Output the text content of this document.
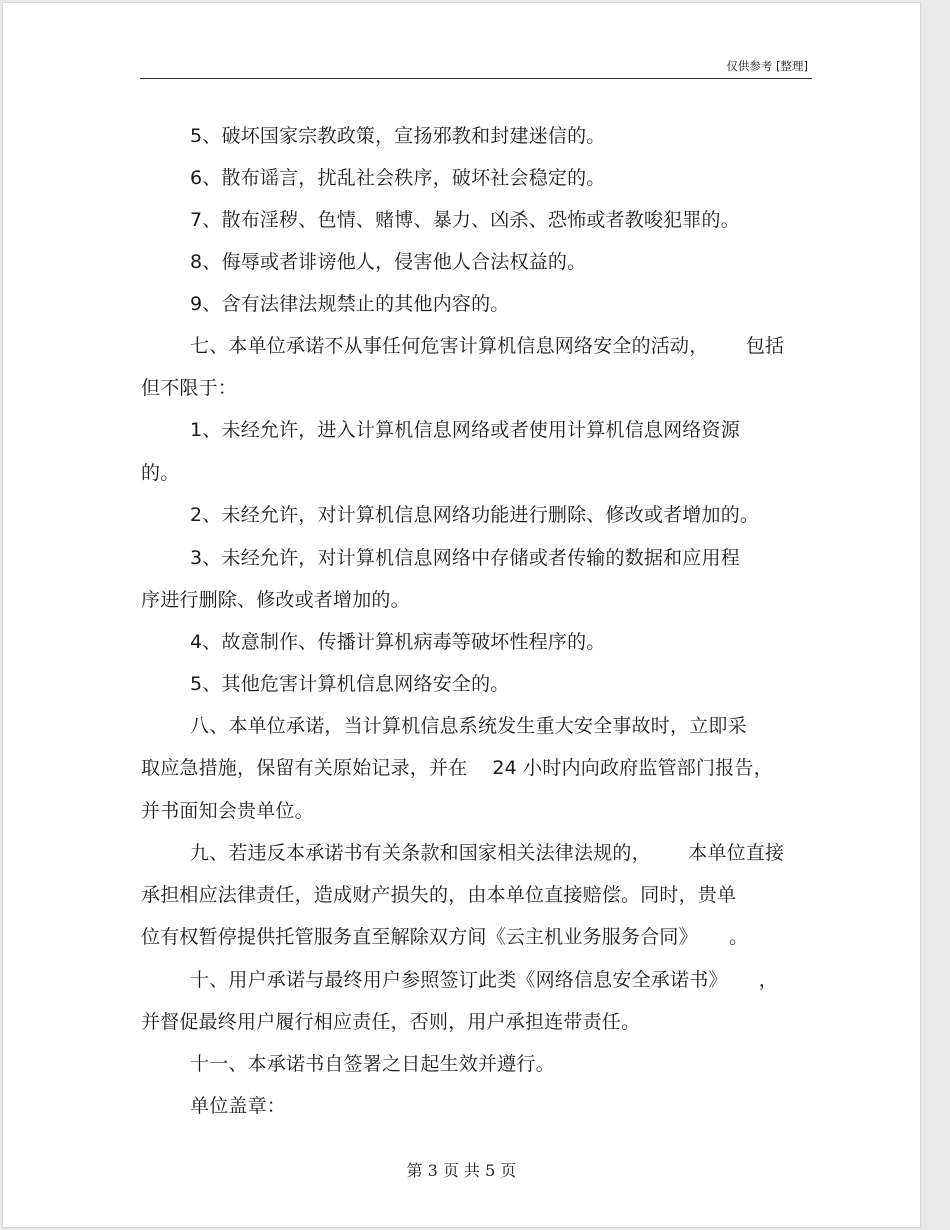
仅供参考 [整理]
5、破坏国家宗教政策，宣扬邪教和封建迷信的。
6、散布谣言，扰乱社会秩序，破坏社会稳定的。
7、散布淫秽、色情、赌博、暴力、凶杀、恐怖或者教唆犯罪的。
8、侮辱或者诽谤他人，侵害他人合法权益的。
9、含有法律法规禁止的其他内容的。
七、本单位承诺不从事任何危害计算机信息网络安全的活动，      包括
但不限于：
1、未经允许，进入计算机信息网络或者使用计算机信息网络资源
的。
2、未经允许，对计算机信息网络功能进行删除、修改或者增加的。
3、未经允许，对计算机信息网络中存储或者传输的数据和应用程
序进行删除、修改或者增加的。
4、故意制作、传播计算机病毒等破坏性程序的。
5、其他危害计算机信息网络安全的。
八、本单位承诺，当计算机信息系统发生重大安全事故时，立即采
取应急措施，保留有关原始记录，并在    24 小时内向政府监管部门报告，
并书面知会贵单位。
九、若违反本承诺书有关条款和国家相关法律法规的，      本单位直接
承担相应法律责任，造成财产损失的，由本单位直接赔偿。同时，贵单
位有权暂停提供托管服务直至解除双方间《云主机业务服务合同》     。
十、用户承诺与最终用户参照签订此类《网络信息安全承诺书》     ，
并督促最终用户履行相应责任，否则，用户承担连带责任。
十一、本承诺书自签署之日起生效并遵行。
单位盖章：
第 3 页 共 5 页
